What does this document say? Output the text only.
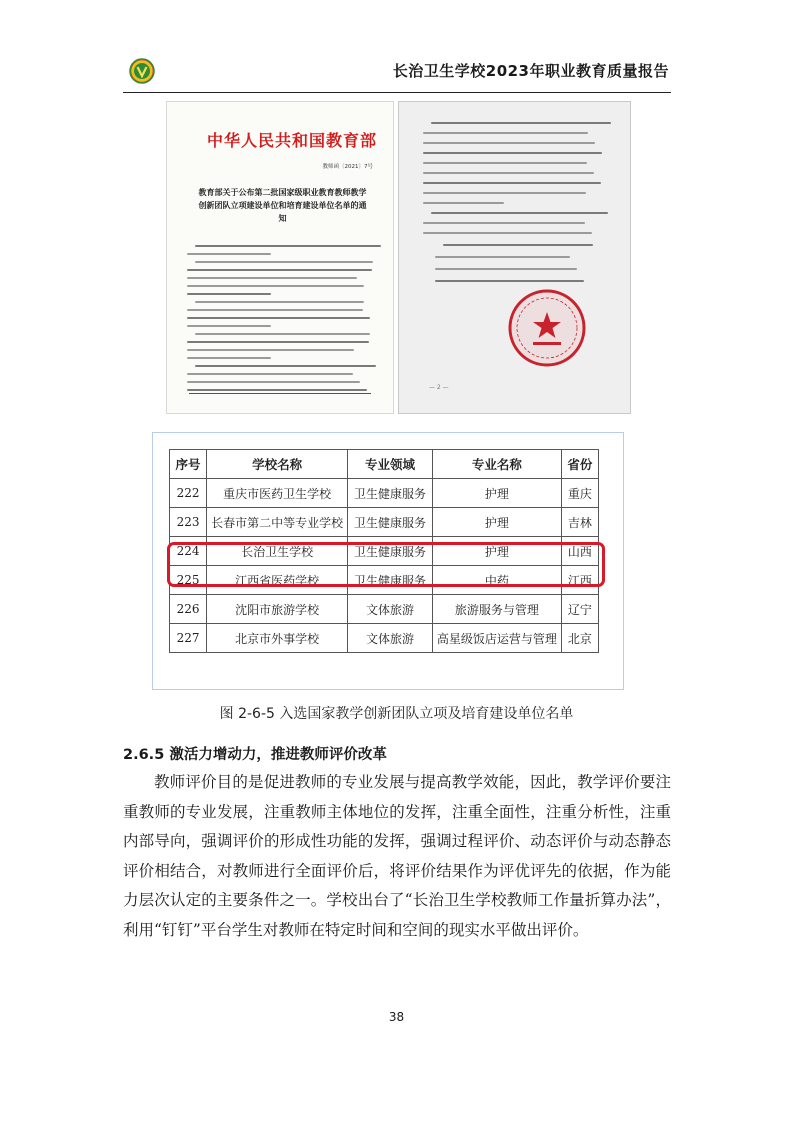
长治卫生学校2023年职业教育质量报告
中华人民共和国教育部
教师函〔2021〕7号
教育部关于公布第二批国家级职业教育教师教学创新团队立项建设单位和培育建设单位名单的通知
— 2 —
序号	学校名称	专业领域	专业名称	省份
222	重庆市医药卫生学校	卫生健康服务	护理	重庆
223	长春市第二中等专业学校	卫生健康服务	护理	吉林
224	长治卫生学校	卫生健康服务	护理	山西
225	江西省医药学校	卫生健康服务	中药	江西
226	沈阳市旅游学校	文体旅游	旅游服务与管理	辽宁
227	北京市外事学校	文体旅游	高星级饭店运营与管理	北京
图 2-6-5 入选国家教学创新团队立项及培育建设单位名单
2.6.5 激活力增动力，推进教师评价改革
教师评价目的是促进教师的专业发展与提高教学效能，因此，教学评价要注重教师的专业发展，注重教师主体地位的发挥，注重全面性，注重分析性，注重内部导向，强调评价的形成性功能的发挥，强调过程评价、动态评价与动态静态评价相结合，对教师进行全面评价后，将评价结果作为评优评先的依据，作为能力层次认定的主要条件之一。学校出台了“长治卫生学校教师工作量折算办法”，利用“钉钉”平台学生对教师在特定时间和空间的现实水平做出评价。
38
